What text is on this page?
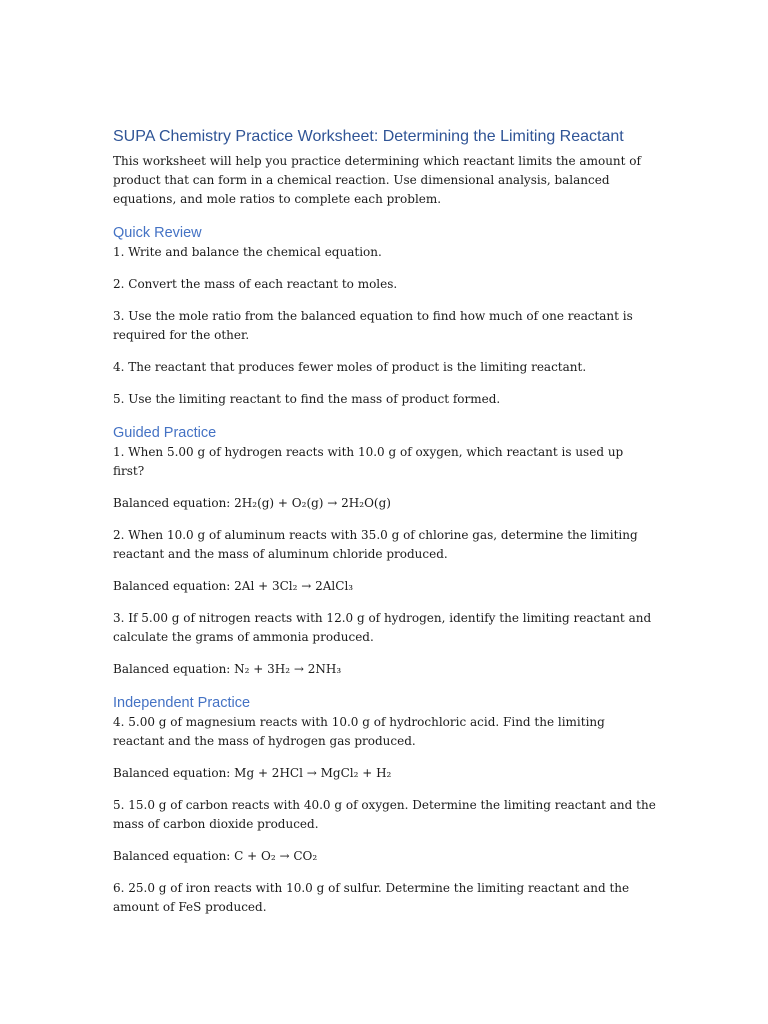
SUPA Chemistry Practice Worksheet: Determining the Limiting Reactant

This worksheet will help you practice determining which reactant limits the amount of product that can form in a chemical reaction. Use dimensional analysis, balanced equations, and mole ratios to complete each problem.

Quick Review

1. Write and balance the chemical equation.

2. Convert the mass of each reactant to moles.

3. Use the mole ratio from the balanced equation to find how much of one reactant is required for the other.

4. The reactant that produces fewer moles of product is the limiting reactant.

5. Use the limiting reactant to find the mass of product formed.

Guided Practice

1. When 5.00 g of hydrogen reacts with 10.0 g of oxygen, which reactant is used up first?

Balanced equation: 2H₂(g) + O₂(g) → 2H₂O(g)

2. When 10.0 g of aluminum reacts with 35.0 g of chlorine gas, determine the limiting reactant and the mass of aluminum chloride produced.

Balanced equation: 2Al + 3Cl₂ → 2AlCl₃

3. If 5.00 g of nitrogen reacts with 12.0 g of hydrogen, identify the limiting reactant and calculate the grams of ammonia produced.

Balanced equation: N₂ + 3H₂ → 2NH₃

Independent Practice

4. 5.00 g of magnesium reacts with 10.0 g of hydrochloric acid. Find the limiting reactant and the mass of hydrogen gas produced.

Balanced equation: Mg + 2HCl → MgCl₂ + H₂

5. 15.0 g of carbon reacts with 40.0 g of oxygen. Determine the limiting reactant and the mass of carbon dioxide produced.

Balanced equation: C + O₂ → CO₂

6. 25.0 g of iron reacts with 10.0 g of sulfur. Determine the limiting reactant and the amount of FeS produced.
